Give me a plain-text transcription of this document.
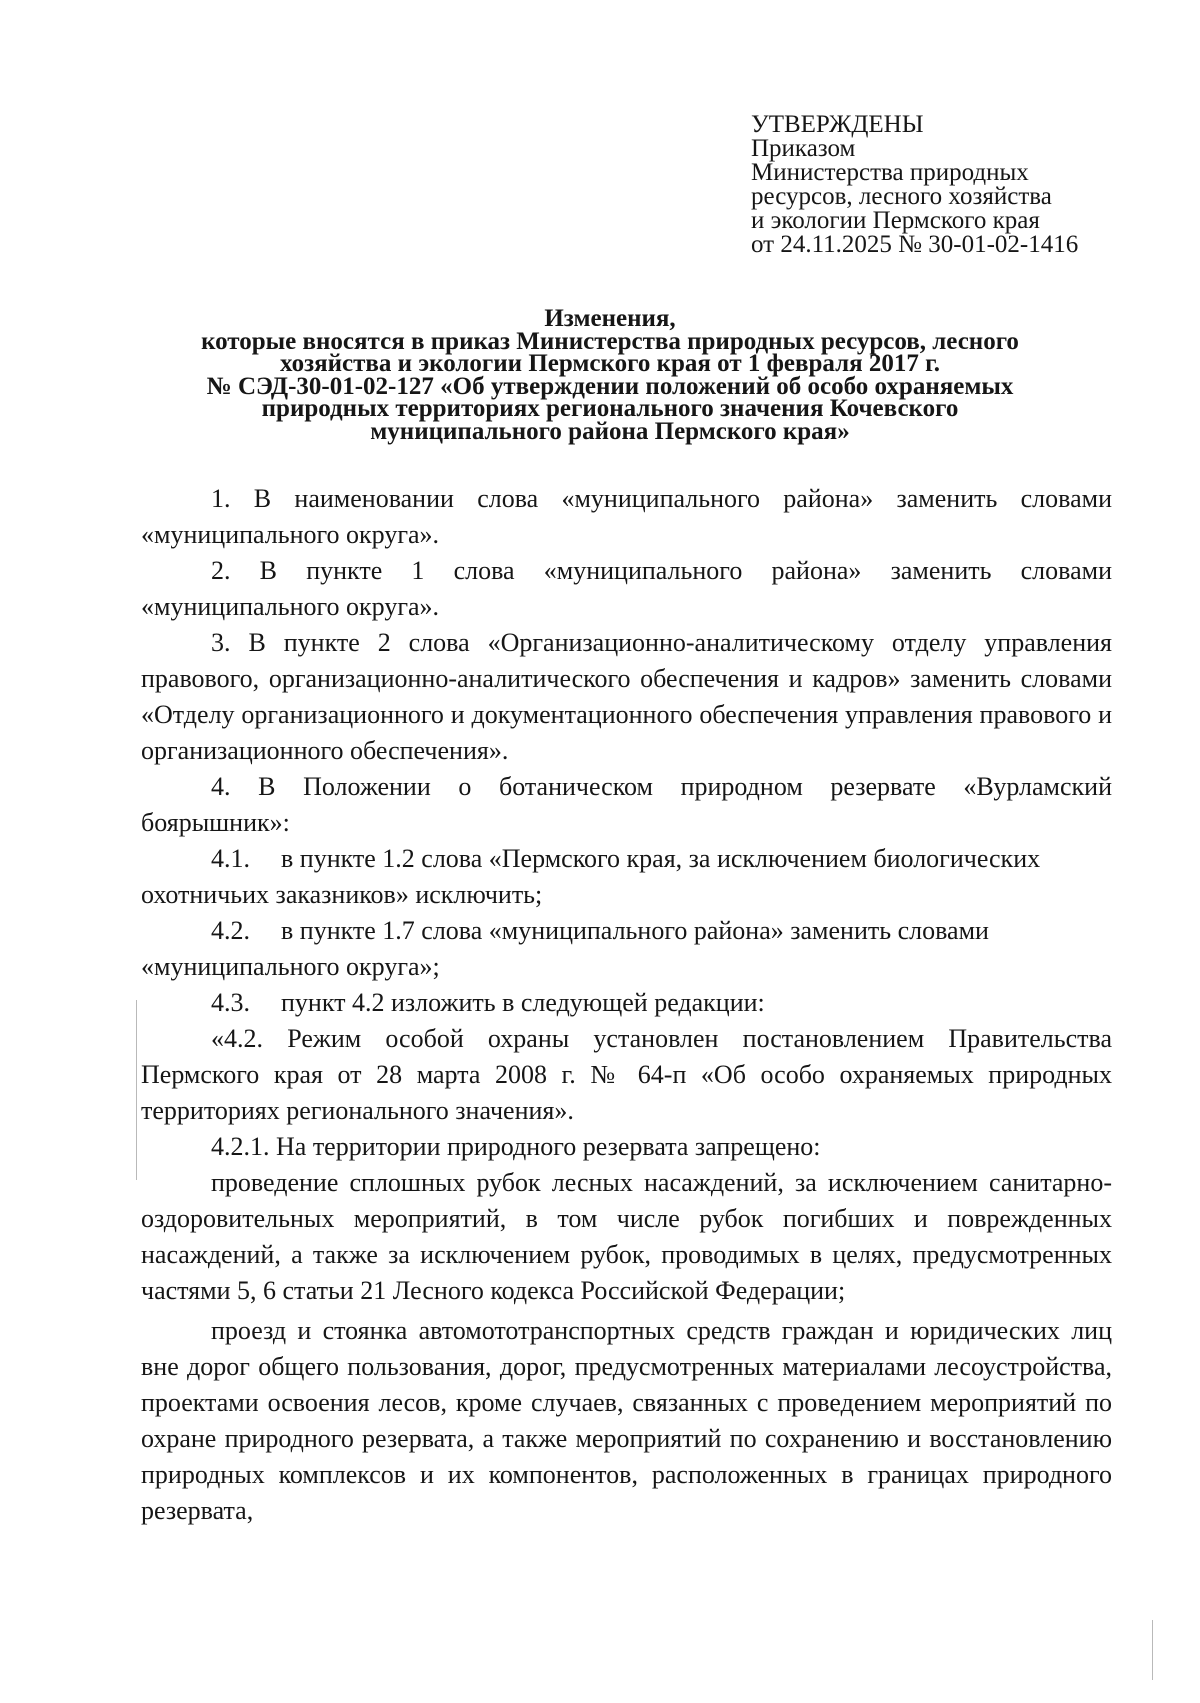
УТВЕРЖДЕНЫ
Приказом
Министерства природных
ресурсов, лесного хозяйства
и экологии Пермского края
от 24.11.2025 № 30-01-02-1416
Изменения,
которые вносятся в приказ Министерства природных ресурсов, лесного
хозяйства и экологии Пермского края от 1 февраля 2017 г.
№ СЭД-30-01-02-127 «Об утверждении положений об особо охраняемых
природных территориях регионального значения Кочевского
муниципального района Пермского края»

1. В наименовании слова «муниципального района» заменить словами «муниципального округа».

2. В пункте 1 слова «муниципального района» заменить словами «муниципального округа».

3. В пункте 2 слова «Организационно-аналитическому отделу управления правового, организационно-аналитического обеспечения и кадров» заменить словами «Отделу организационного и документационного обеспечения управления правового и организационного обеспечения».

4. В Положении о ботаническом природном резервате «Вурламский боярышник»:

4.1. в пункте 1.2 слова «Пермского края, за исключением биологических

охотничьих заказников» исключить;

4.2. в пункте 1.7 слова «муниципального района» заменить словами

«муниципального округа»;

4.3. пункт 4.2 изложить в следующей редакции:

«4.2. Режим особой охраны установлен постановлением Правительства Пермского края от 28 марта 2008 г. № 64-п «Об особо охраняемых природных территориях регионального значения».

4.2.1. На территории природного резервата запрещено:

проведение сплошных рубок лесных насаждений, за исключением санитарно-оздоровительных мероприятий, в том числе рубок погибших и поврежденных насаждений, а также за исключением рубок, проводимых в целях, предусмотренных частями 5, 6 статьи 21 Лесного кодекса Российской Федерации;

проезд и стоянка автомототранспортных средств граждан и юридических лиц вне дорог общего пользования, дорог, предусмотренных материалами лесоустройства, проектами освоения лесов, кроме случаев, связанных с проведением мероприятий по охране природного резервата, а также мероприятий по сохранению и восстановлению природных комплексов и их компонентов, расположенных в границах природного резервата,
